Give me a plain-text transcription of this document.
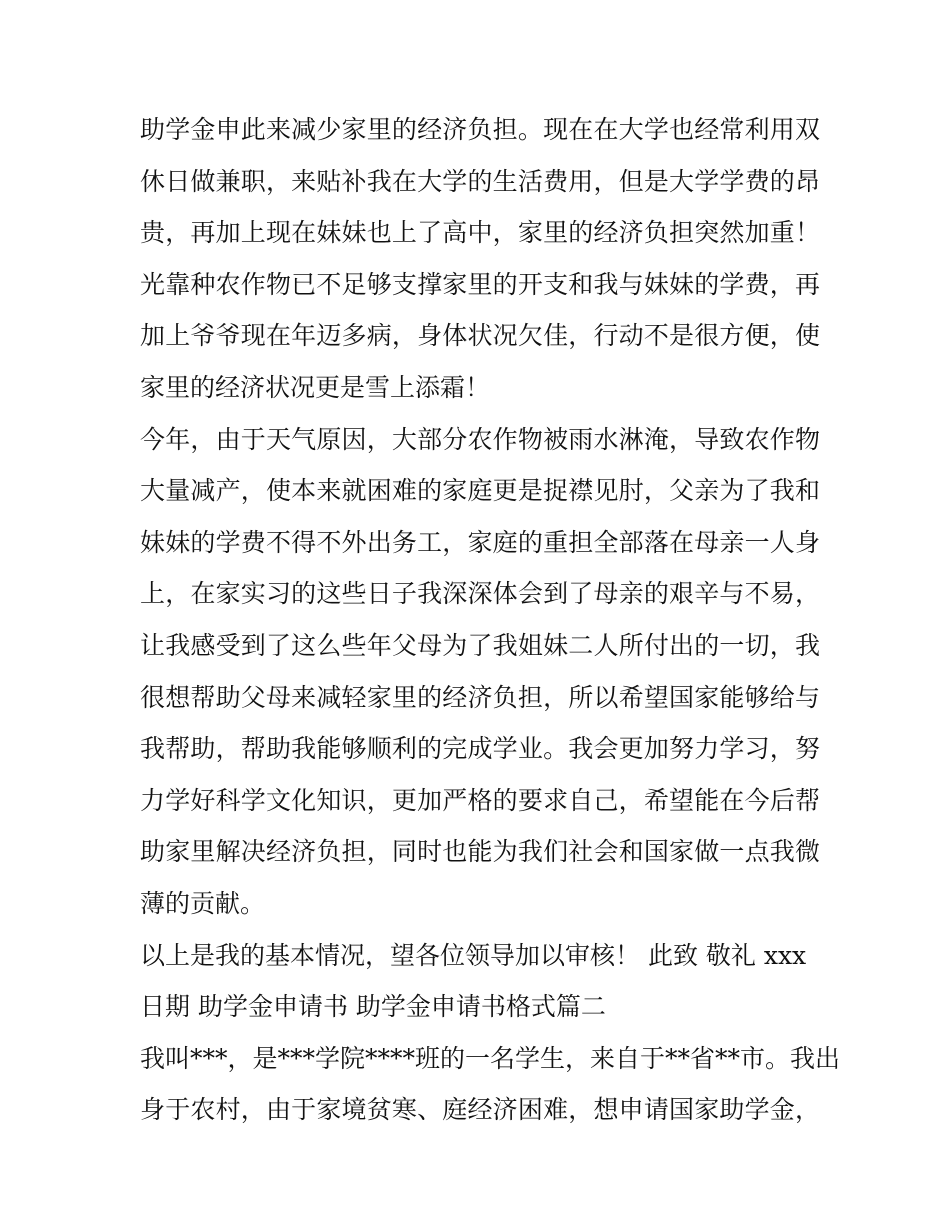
助学金申此来减少家里的经济负担。现在在大学也经常利用双
休日做兼职，来贴补我在大学的生活费用，但是大学学费的昂
贵，再加上现在妹妹也上了高中，家里的经济负担突然加重！
光靠种农作物已不足够支撑家里的开支和我与妹妹的学费，再
加上爷爷现在年迈多病，身体状况欠佳，行动不是很方便，使
家里的经济状况更是雪上添霜！
今年，由于天气原因，大部分农作物被雨水淋淹，导致农作物
大量减产，使本来就困难的家庭更是捉襟见肘，父亲为了我和
妹妹的学费不得不外出务工，家庭的重担全部落在母亲一人身
上，在家实习的这些日子我深深体会到了母亲的艰辛与不易，
让我感受到了这么些年父母为了我姐妹二人所付出的一切，我
很想帮助父母来减轻家里的经济负担，所以希望国家能够给与
我帮助，帮助我能够顺利的完成学业。我会更加努力学习，努
力学好科学文化知识，更加严格的要求自己，希望能在今后帮
助家里解决经济负担，同时也能为我们社会和国家做一点我微
薄的贡献。
以上是我的基本情况，望各位领导加以审核！ 此致 敬礼 xxx
日期 助学金申请书 助学金申请书格式篇二
我叫***，是***学院****班的一名学生，来自于**省**市。我出
身于农村，由于家境贫寒、庭经济困难，想申请国家助学金，
